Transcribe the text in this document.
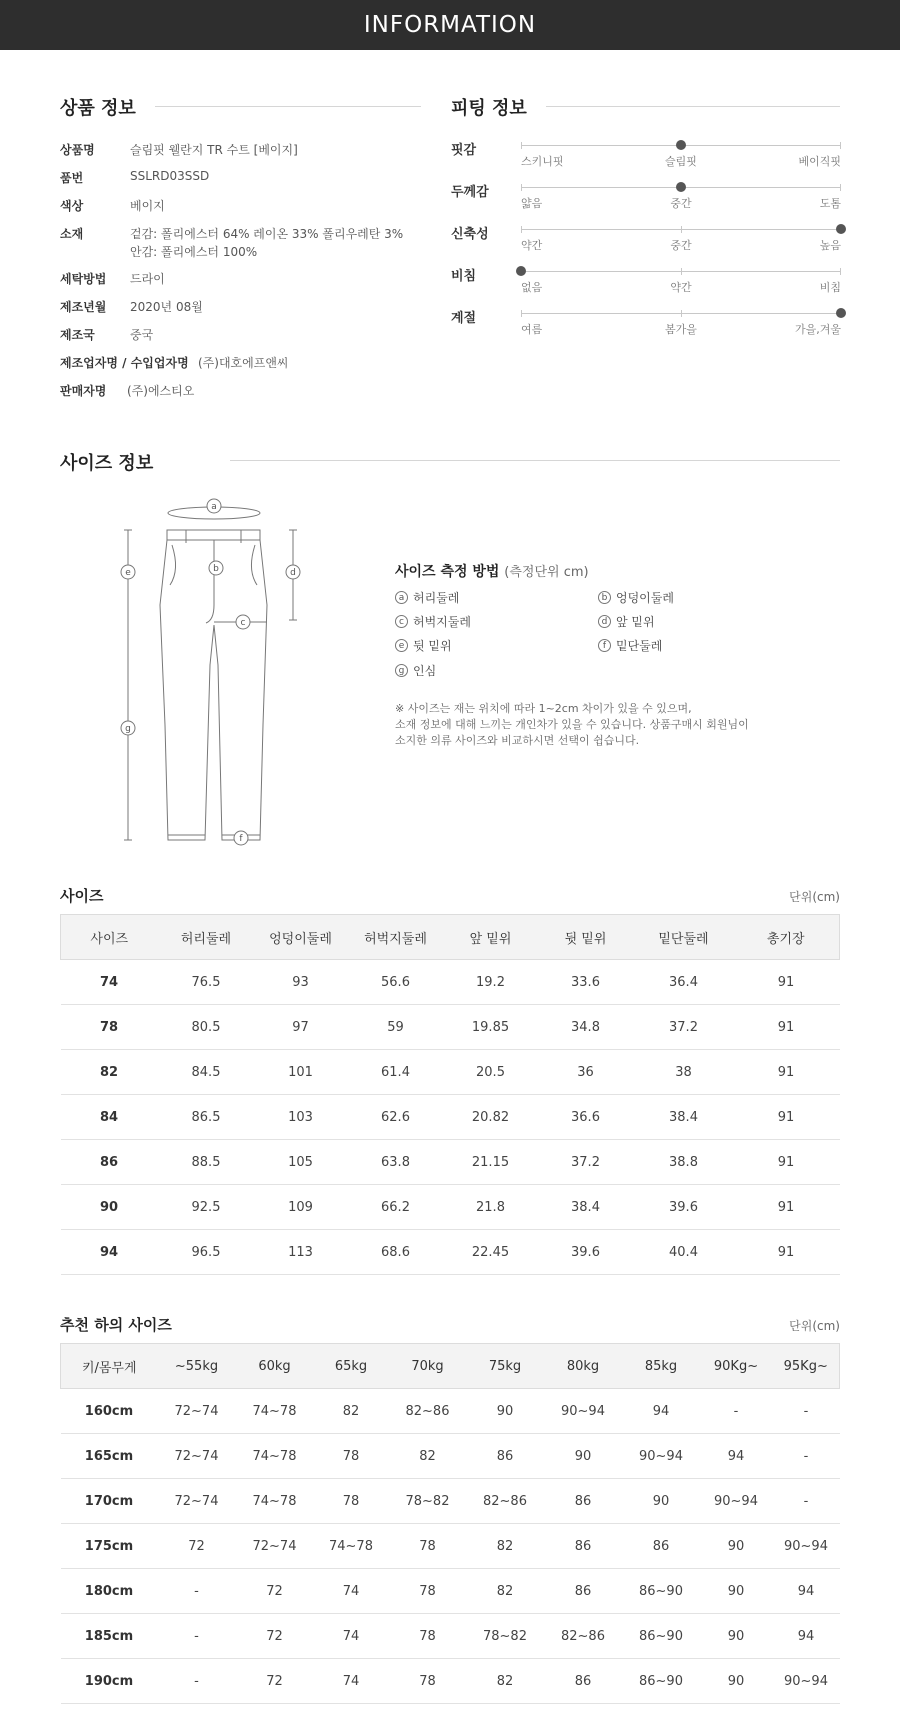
INFORMATION
상품 정보
상품명	슬림핏 웰란지 TR 수트 [베이지]
품번	SSLRD03SSD
색상	베이지
소재	겉감: 폴리에스터 64% 레이온 33% 폴리우레탄 3%
안감: 폴리에스터 100%
세탁방법 드라이
제조년월 2020년 08월
제조국	중국
제조업자명 / 수입업자명 (주)대호에프앤씨
판매자명 (주)에스티오
피팅 정보
핏감
스키니핏	슬림핏	베이직핏
두께감
얇음	중간	도톰
신축성
약간	중간	높음
비침
없음	약간	비침
계절
여름	봄가을	가을,겨울
사이즈 정보
a
b
c
d
e
f
g
사이즈 측정 방법 (측정단위 cm)
a 허리둘레	b 엉덩이둘레
c 허벅지둘레	d 앞 밑위
e 뒷 밑위	f 밑단둘레
g 인심
※ 사이즈는 재는 위치에 따라 1~2cm 차이가 있을 수 있으며,
소재 정보에 대해 느끼는 개인차가 있을 수 있습니다. 상품구매시 회원님이
소지한 의류 사이즈와 비교하시면 선택이 쉽습니다.
사이즈	단위(cm)
사이즈	허리둘레	엉덩이둘레	허벅지둘레	앞 밑위	뒷 밑위	밑단둘레	총기장
74	76.5	93	56.6	19.2	33.6	36.4	91
78	80.5	97	59	19.85	34.8	37.2	91
82	84.5	101	61.4	20.5	36	38	91
84	86.5	103	62.6	20.82	36.6	38.4	91
86	88.5	105	63.8	21.15	37.2	38.8	91
90	92.5	109	66.2	21.8	38.4	39.6	91
94	96.5	113	68.6	22.45	39.6	40.4	91
추천 하의 사이즈	단위(cm)
키/몸무게	~55kg	60kg	65kg	70kg	75kg	80kg	85kg	90Kg~	95Kg~
160cm	72~74	74~78	82	82~86	90	90~94	94	-	-
165cm	72~74	74~78	78	82	86	90	90~94	94	-
170cm	72~74	74~78	78	78~82	82~86	86	90	90~94	-
175cm	72	72~74	74~78	78	82	86	86	90	90~94
180cm	-	72	74	78	82	86	86~90	90	94
185cm	-	72	74	78	78~82	82~86	86~90	90	94
190cm	-	72	74	78	82	86	86~90	90	90~94
